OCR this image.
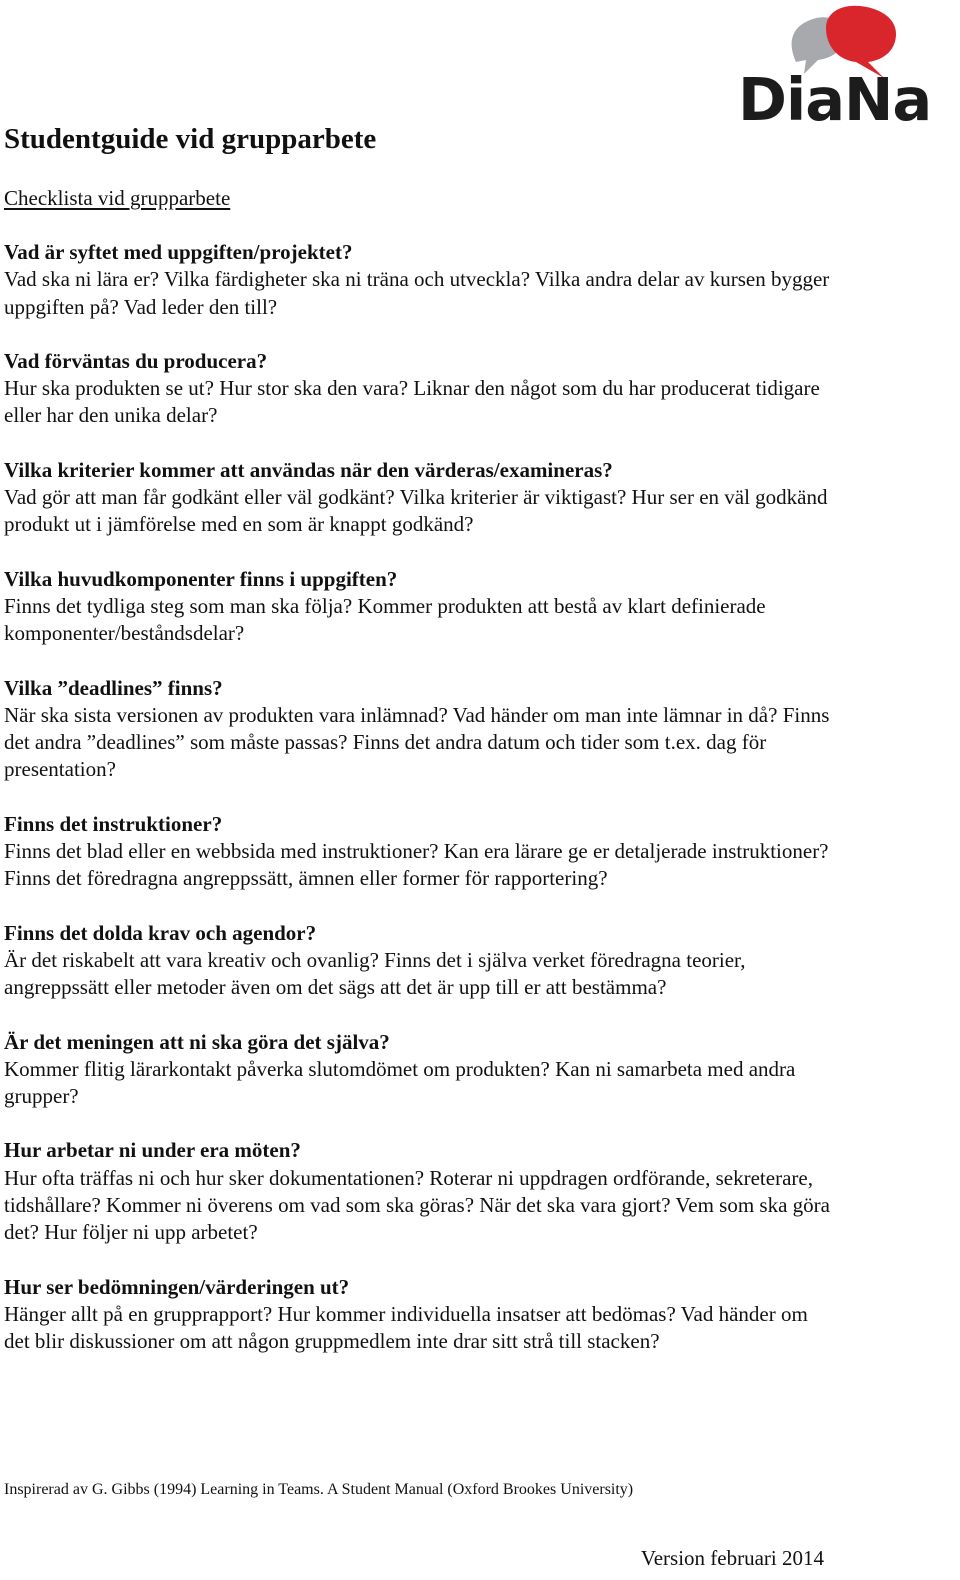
DiaNa
Studentguide vid grupparbete
Checklista vid grupparbete

Vad är syftet med uppgiften/projektet?

Vad ska ni lära er? Vilka färdigheter ska ni träna och utveckla? Vilka andra delar av kursen bygger uppgiften på? Vad leder den till?

Vad förväntas du producera?

Hur ska produkten se ut? Hur stor ska den vara? Liknar den något som du har producerat tidigare eller har den unika delar?

Vilka kriterier kommer att användas när den värderas/examineras?

Vad gör att man får godkänt eller väl godkänt? Vilka kriterier är viktigast? Hur ser en väl godkänd produkt ut i jämförelse med en som är knappt godkänd?

Vilka huvudkomponenter finns i uppgiften?

Finns det tydliga steg som man ska följa? Kommer produkten att bestå av klart definierade komponenter/beståndsdelar?

Vilka ”deadlines” finns?

När ska sista versionen av produkten vara inlämnad? Vad händer om man inte lämnar in då? Finns det andra ”deadlines” som måste passas? Finns det andra datum och tider som t.ex. dag för presentation?

Finns det instruktioner?

Finns det blad eller en webbsida med instruktioner? Kan era lärare ge er detaljerade instruktioner? Finns det föredragna angreppssätt, ämnen eller former för rapportering?

Finns det dolda krav och agendor?

Är det riskabelt att vara kreativ och ovanlig? Finns det i själva verket föredragna teorier, angreppssätt eller metoder även om det sägs att det är upp till er att bestämma?

Är det meningen att ni ska göra det själva?

Kommer flitig lärarkontakt påverka slutomdömet om produkten? Kan ni samarbeta med andra grupper?

Hur arbetar ni under era möten?

Hur ofta träffas ni och hur sker dokumentationen? Roterar ni uppdragen ordförande, sekreterare, tidshållare? Kommer ni överens om vad som ska göras? När det ska vara gjort? Vem som ska göra det? Hur följer ni upp arbetet?

Hur ser bedömningen/värderingen ut?

Hänger allt på en grupprapport? Hur kommer individuella insatser att bedömas? Vad händer om det blir diskussioner om att någon gruppmedlem inte drar sitt strå till stacken?

Inspirerad av G. Gibbs (1994) Learning in Teams. A Student Manual (Oxford Brookes University)

Version februari 2014
